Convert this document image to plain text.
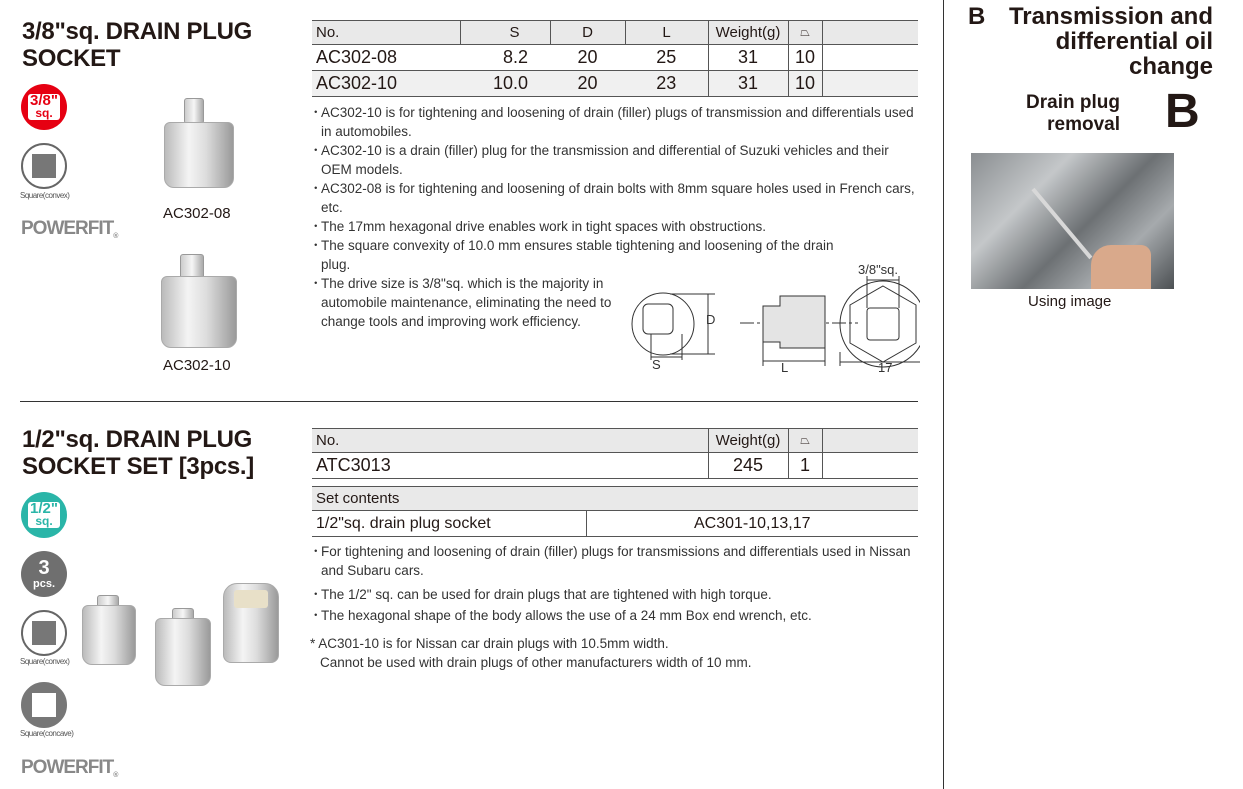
3/8"sq. DRAIN PLUG
SOCKET
3/8"
sq.
Square(convex)
POWERFIT®
AC302-08
AC302-10
No.	S	D	L	Weight(g)	⏢	
AC302-08	8.2	20	25	31	10	
AC302-10	10.0	20	23	31	10	
・ AC302-10 is for tightening and loosening of drain (filler) plugs of transmission and differentials used in automobiles.
・ AC302-10 is a drain (filler) plug for the transmission and differential of Suzuki vehicles and their OEM models.
・ AC302-08 is for tightening and loosening of drain bolts with 8mm square holes used in French cars, etc.
・ The 17mm hexagonal drive enables work in tight spaces with obstructions.
・ The square convexity of 10.0 mm ensures stable tightening and loosening of the drain plug.
・ The drive size is 3/8"sq. which is the majority in automobile maintenance, eliminating the need to change tools and improving work efficiency.	D
S	L
3/8"sq.
17
1/2"sq. DRAIN PLUG
SOCKET SET [3pcs.]
1/2"
sq.
3
pcs.
Square(convex)
Square(concave)
POWERFIT®
No.	Weight(g)	⏢	
ATC3013	245	1	
Set contents
1/2"sq. drain plug socket	AC301-10,13,17
・ For tightening and loosening of drain (filler) plugs for transmissions and differentials used in Nissan and Subaru cars.
・ The 1/2" sq. can be used for drain plugs that are tightened with high torque.
・ The hexagonal shape of the body allows the use of a 24 mm Box end wrench, etc.
* AC301-10 is for Nissan car drain plugs with 10.5mm width.
Cannot be used with drain plugs of other manufacturers width of 10 mm.
B Transmission and
differential oil
change
Drain plug
removal B
Using image
